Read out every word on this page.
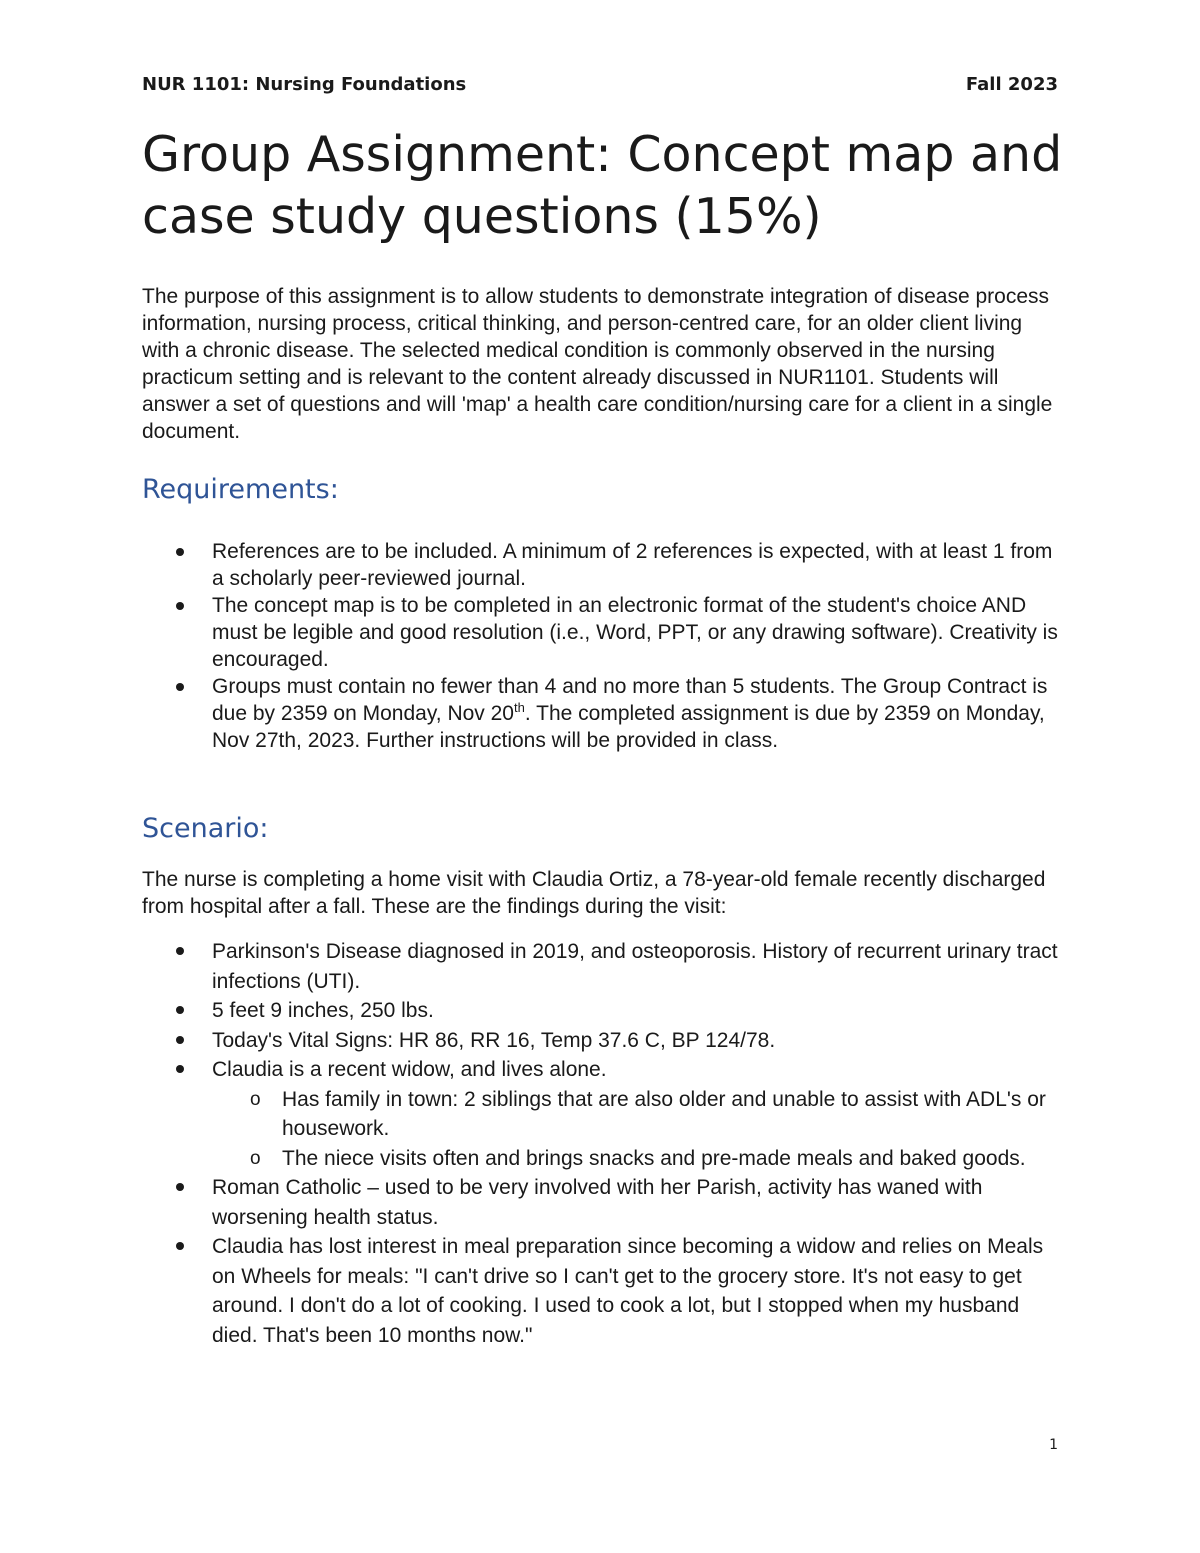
NUR 1101: Nursing Foundations	Fall 2023
Group Assignment: Concept map and case study questions (15%)

The purpose of this assignment is to allow students to demonstrate integration of disease process information, nursing process, critical thinking, and person-centred care, for an older client living with a chronic disease. The selected medical condition is commonly observed in the nursing practicum setting and is relevant to the content already discussed in NUR1101. Students will answer a set of questions and will 'map' a health care condition/nursing care for a client in a single document.

Requirements:
References are to be included. A minimum of 2 references is expected, with at least 1 from a scholarly peer-reviewed journal.
The concept map is to be completed in an electronic format of the student's choice AND must be legible and good resolution (i.e., Word, PPT, or any drawing software). Creativity is encouraged.
Groups must contain no fewer than 4 and no more than 5 students. The Group Contract is due by 2359 on Monday, Nov 20th. The completed assignment is due by 2359 on Monday, Nov 27th, 2023. Further instructions will be provided in class.
Scenario:

The nurse is completing a home visit with Claudia Ortiz, a 78-year-old female recently discharged from hospital after a fall. These are the findings during the visit:

Parkinson's Disease diagnosed in 2019, and osteoporosis. History of recurrent urinary tract infections (UTI).
5 feet 9 inches, 250 lbs.
Today's Vital Signs: HR 86, RR 16, Temp 37.6 C, BP 124/78.
Claudia is a recent widow, and lives alone.
o Has family in town: 2 siblings that are also older and unable to assist with ADL's or housework.
o The niece visits often and brings snacks and pre-made meals and baked goods.
Roman Catholic – used to be very involved with her Parish, activity has waned with worsening health status.
Claudia has lost interest in meal preparation since becoming a widow and relies on Meals on Wheels for meals: "I can't drive so I can't get to the grocery store. It's not easy to get around. I don't do a lot of cooking. I used to cook a lot, but I stopped when my husband died. That's been 10 months now."
1
